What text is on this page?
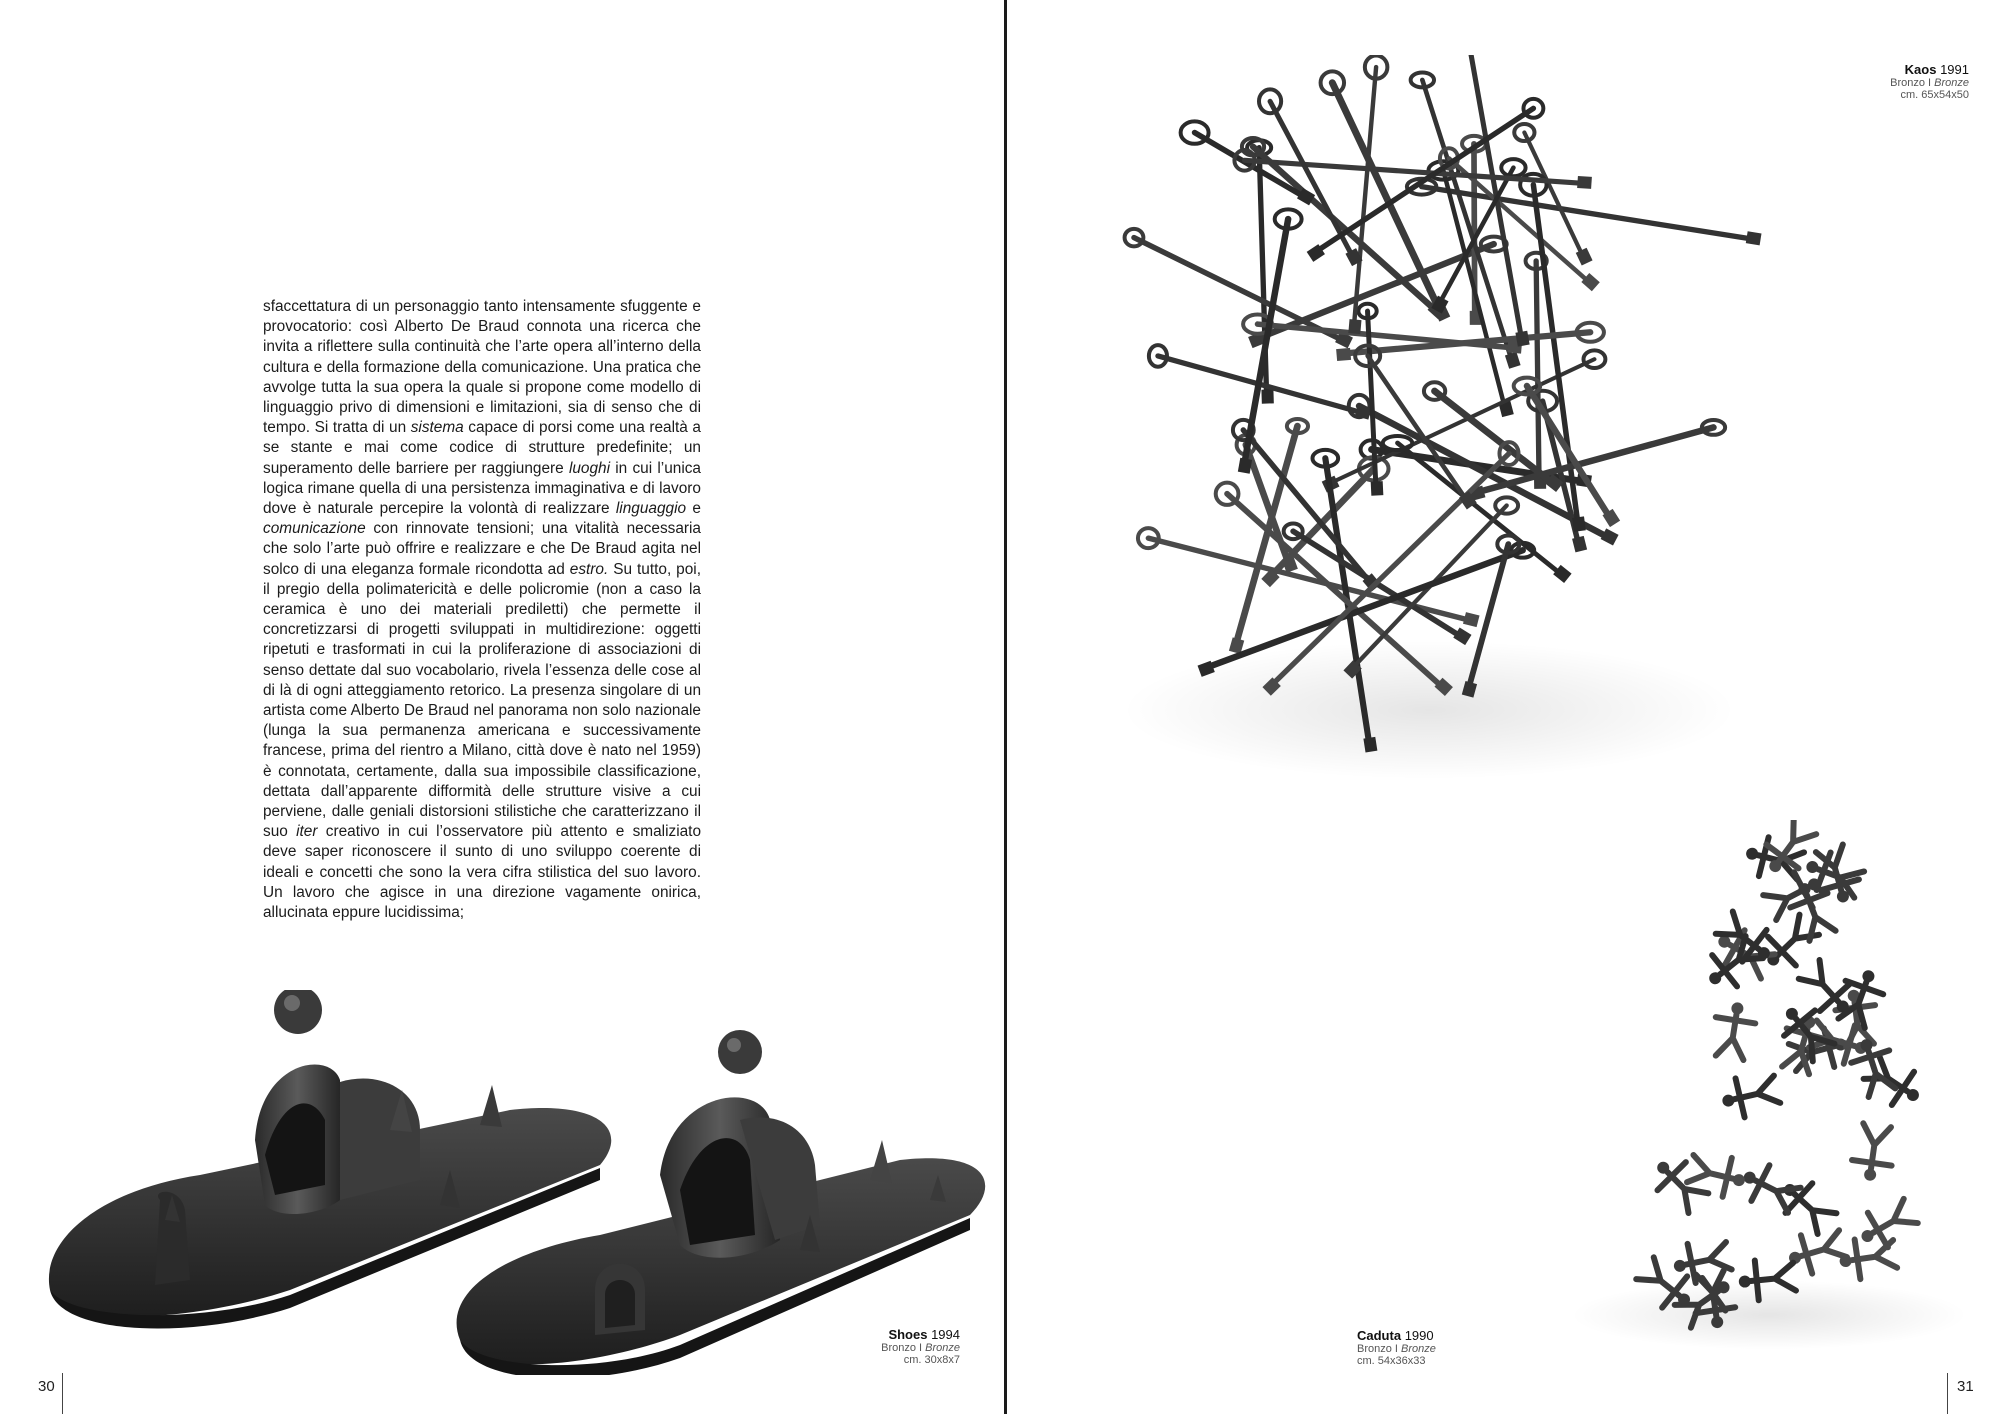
sfaccettatura di un personaggio tanto intensamente sfuggente e provocatorio: così Alberto De Braud connota una ricerca che invita a riflettere sulla continuità che l’arte opera all’interno della cultura e della formazione della comunicazione. Una pratica che avvolge tutta la sua opera la quale si propone come modello di linguaggio privo di dimensioni e limitazioni, sia di senso che di tempo. Si tratta di un sistema capace di porsi come una realtà a se stante e mai come codice di strutture predefinite; un superamento delle barriere per raggiungere luoghi in cui l’unica logica rimane quella di una persistenza immaginativa e di lavoro dove è naturale percepire la volontà di realizzare linguaggio e comunicazione con rinnovate tensioni; una vitalità necessaria che solo l’arte può offrire e realizzare e che De Braud agita nel solco di una eleganza formale ricondotta ad estro. Su tutto, poi, il pregio della polimatericità e delle policromie (non a caso la ceramica è uno dei materiali prediletti) che permette il concretizzarsi di progetti sviluppati in multidirezione: oggetti ripetuti e trasformati in cui la proliferazione di associazioni di senso dettate dal suo vocabolario, rivela l’essenza delle cose al di là di ogni atteggiamento retorico. La presenza singolare di un artista come Alberto De Braud nel panorama non solo nazionale (lunga la sua permanenza americana e successivamente francese, prima del rientro a Milano, città dove è nato nel 1959) è connotata, certamente, dalla sua impossibile classificazione, dettata dall’apparente difformità delle strutture visive a cui perviene, dalle geniali distorsioni stilistiche che caratterizzano il suo iter creativo in cui l’osservatore più attento e smaliziato deve saper riconoscere il sunto di uno sviluppo coerente di ideali e concetti che sono la vera cifra stilistica del suo lavoro. Un lavoro che agisce in una direzione vagamente onirica, allucinata eppure lucidissima;

Shoes 1994
Bronzo I Bronze
cm. 30x8x7
30
Kaos 1991
Bronzo I Bronze
cm. 65x54x50
Caduta 1990
Bronzo I Bronze
cm. 54x36x33
31
